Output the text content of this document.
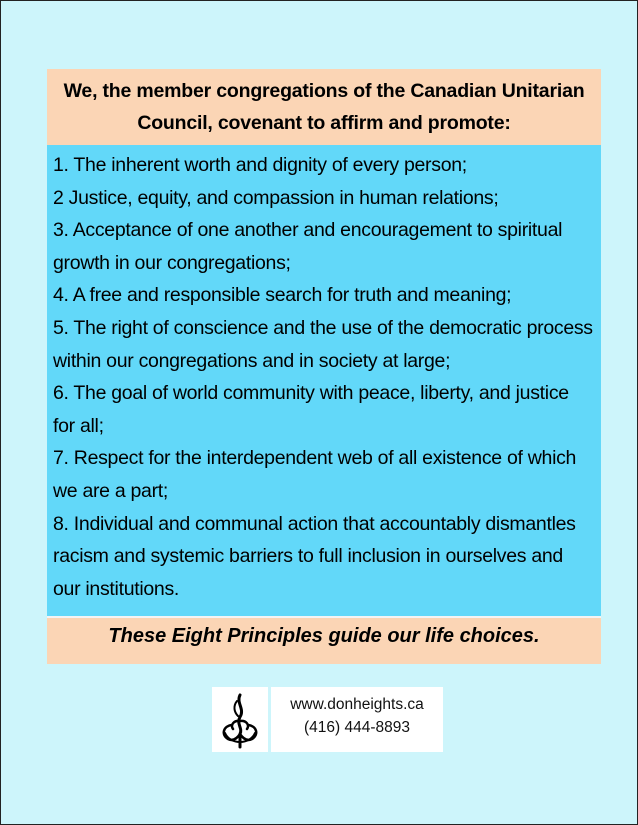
We, the member congregations of the Canadian Unitarian Council, covenant to affirm and promote:
1. The inherent worth and dignity of every person;
2 Justice, equity, and compassion in human relations;
3. Acceptance of one another and encouragement to spiritual growth in our congregations;
4. A free and responsible search for truth and meaning;
5. The right of conscience and the use of the democratic process within our congregations and in society at large;
6. The goal of world community with peace, liberty, and justice for all;
7. Respect for the interdependent web of all existence of which we are a part;
8. Individual and communal action that accountably dismantles racism and systemic barriers to full inclusion in ourselves and our institutions.
These Eight Principles guide our life choices.
www.donheights.ca
(416) 444-8893
